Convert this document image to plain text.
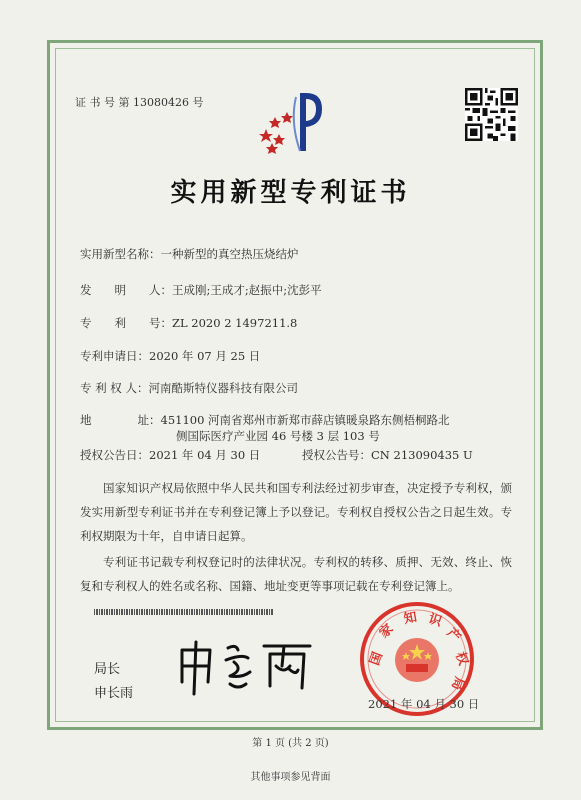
证 书 号 第 13080426 号
实用新型专利证书
实用新型名称：一种新型的真空热压烧结炉
发　　明　　人：王成刚;王成才;赵振中;沈彭平
专　　利　　号：ZL 2020 2 1497211.8
专利申请日：2020 年 07 月 25 日
专 利 权 人：河南酷斯特仪器科技有限公司
地　　　　址：451100 河南省郑州市新郑市薛店镇暖泉路东侧梧桐路北
侧国际医疗产业园 46 号楼 3 层 103 号
授权公告日：2021 年 04 月 30 日	授权公告号：CN 213090435 U
国家知识产权局依照中华人民共和国专利法经过初步审查，决定授予专利权，颁发实用新型专利证书并在专利登记簿上予以登记。专利权自授权公告之日起生效。专利权期限为十年，自申请日起算。
专利证书记载专利权登记时的法律状况。专利权的转移、质押、无效、终止、恢复和专利权人的姓名或名称、国籍、地址变更等事项记载在专利登记簿上。
局长
申长雨
国
家
知 识
产
权
局
2021 年 04 月 30 日
第 1 页 (共 2 页)
其他事项参见背面
